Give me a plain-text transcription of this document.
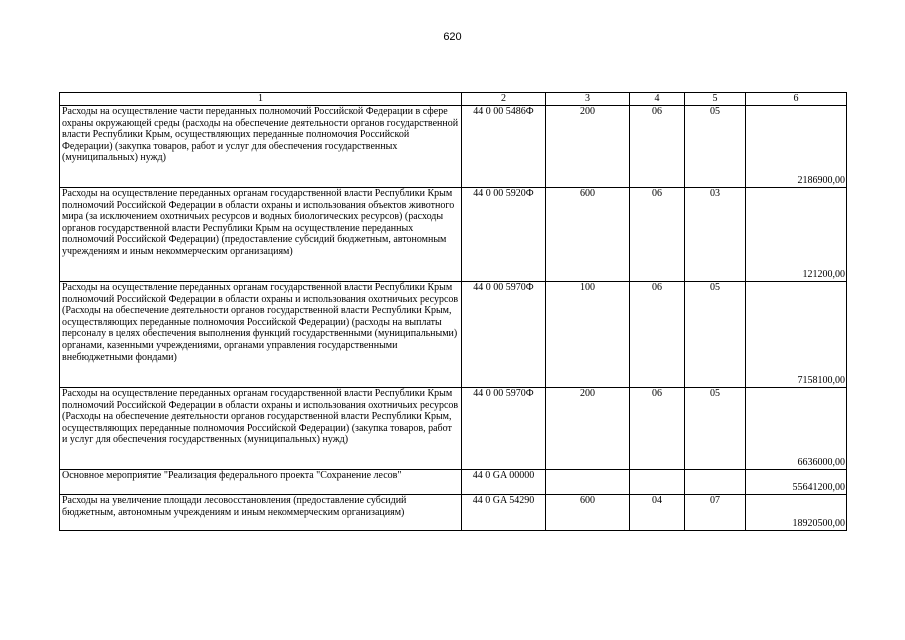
620
1	2	3	4	5	6
Расходы на осуществление части переданных полномочий Российской Федерации в сфере охраны окружающей среды (расходы на обеспечение деятельности органов государственной власти Республики Крым, осуществляющих переданные полномочия Российской Федерации) (закупка товаров, работ и услуг для обеспечения государственных (муниципальных) нужд)	44 0 00 5486Ф	200	06	05	2186900,00
Расходы на осуществление переданных органам государственной власти Республики Крым полномочий Российской Федерации в области охраны и использования объектов животного мира (за исключением охотничьих ресурсов и водных биологических ресурсов) (расходы органов государственной власти Республики Крым на осуществление переданных полномочий Российской Федерации) (предоставление субсидий бюджетным, автономным учреждениям и иным некоммерческим организациям)	44 0 00 5920Ф	600	06	03	121200,00
Расходы на осуществление переданных органам государственной власти Республики Крым полномочий Российской Федерации в области охраны и использования охотничьих ресурсов (Расходы на обеспечение деятельности органов государственной власти Республики Крым, осуществляющих переданные полномочия Российской Федерации) (расходы на выплаты персоналу в целях обеспечения выполнения функций государственными (муниципальными) органами, казенными учреждениями, органами управления государственными внебюджетными фондами)	44 0 00 5970Ф	100	06	05	7158100,00
Расходы на осуществление переданных органам государственной власти Республики Крым полномочий Российской Федерации в области охраны и использования охотничьих ресурсов (Расходы на обеспечение деятельности органов государственной власти Республики Крым, осуществляющих переданные полномочия Российской Федерации) (закупка товаров, работ и услуг для обеспечения государственных (муниципальных) нужд)	44 0 00 5970Ф	200	06	05	6636000,00
Основное мероприятие "Реализация федерального проекта "Сохранение лесов"	44 0 GA 00000				55641200,00
Расходы на увеличение площади лесовосстановления (предоставление субсидий бюджетным, автономным учреждениям и иным некоммерческим организациям)	44 0 GA 54290	600	04	07	18920500,00
